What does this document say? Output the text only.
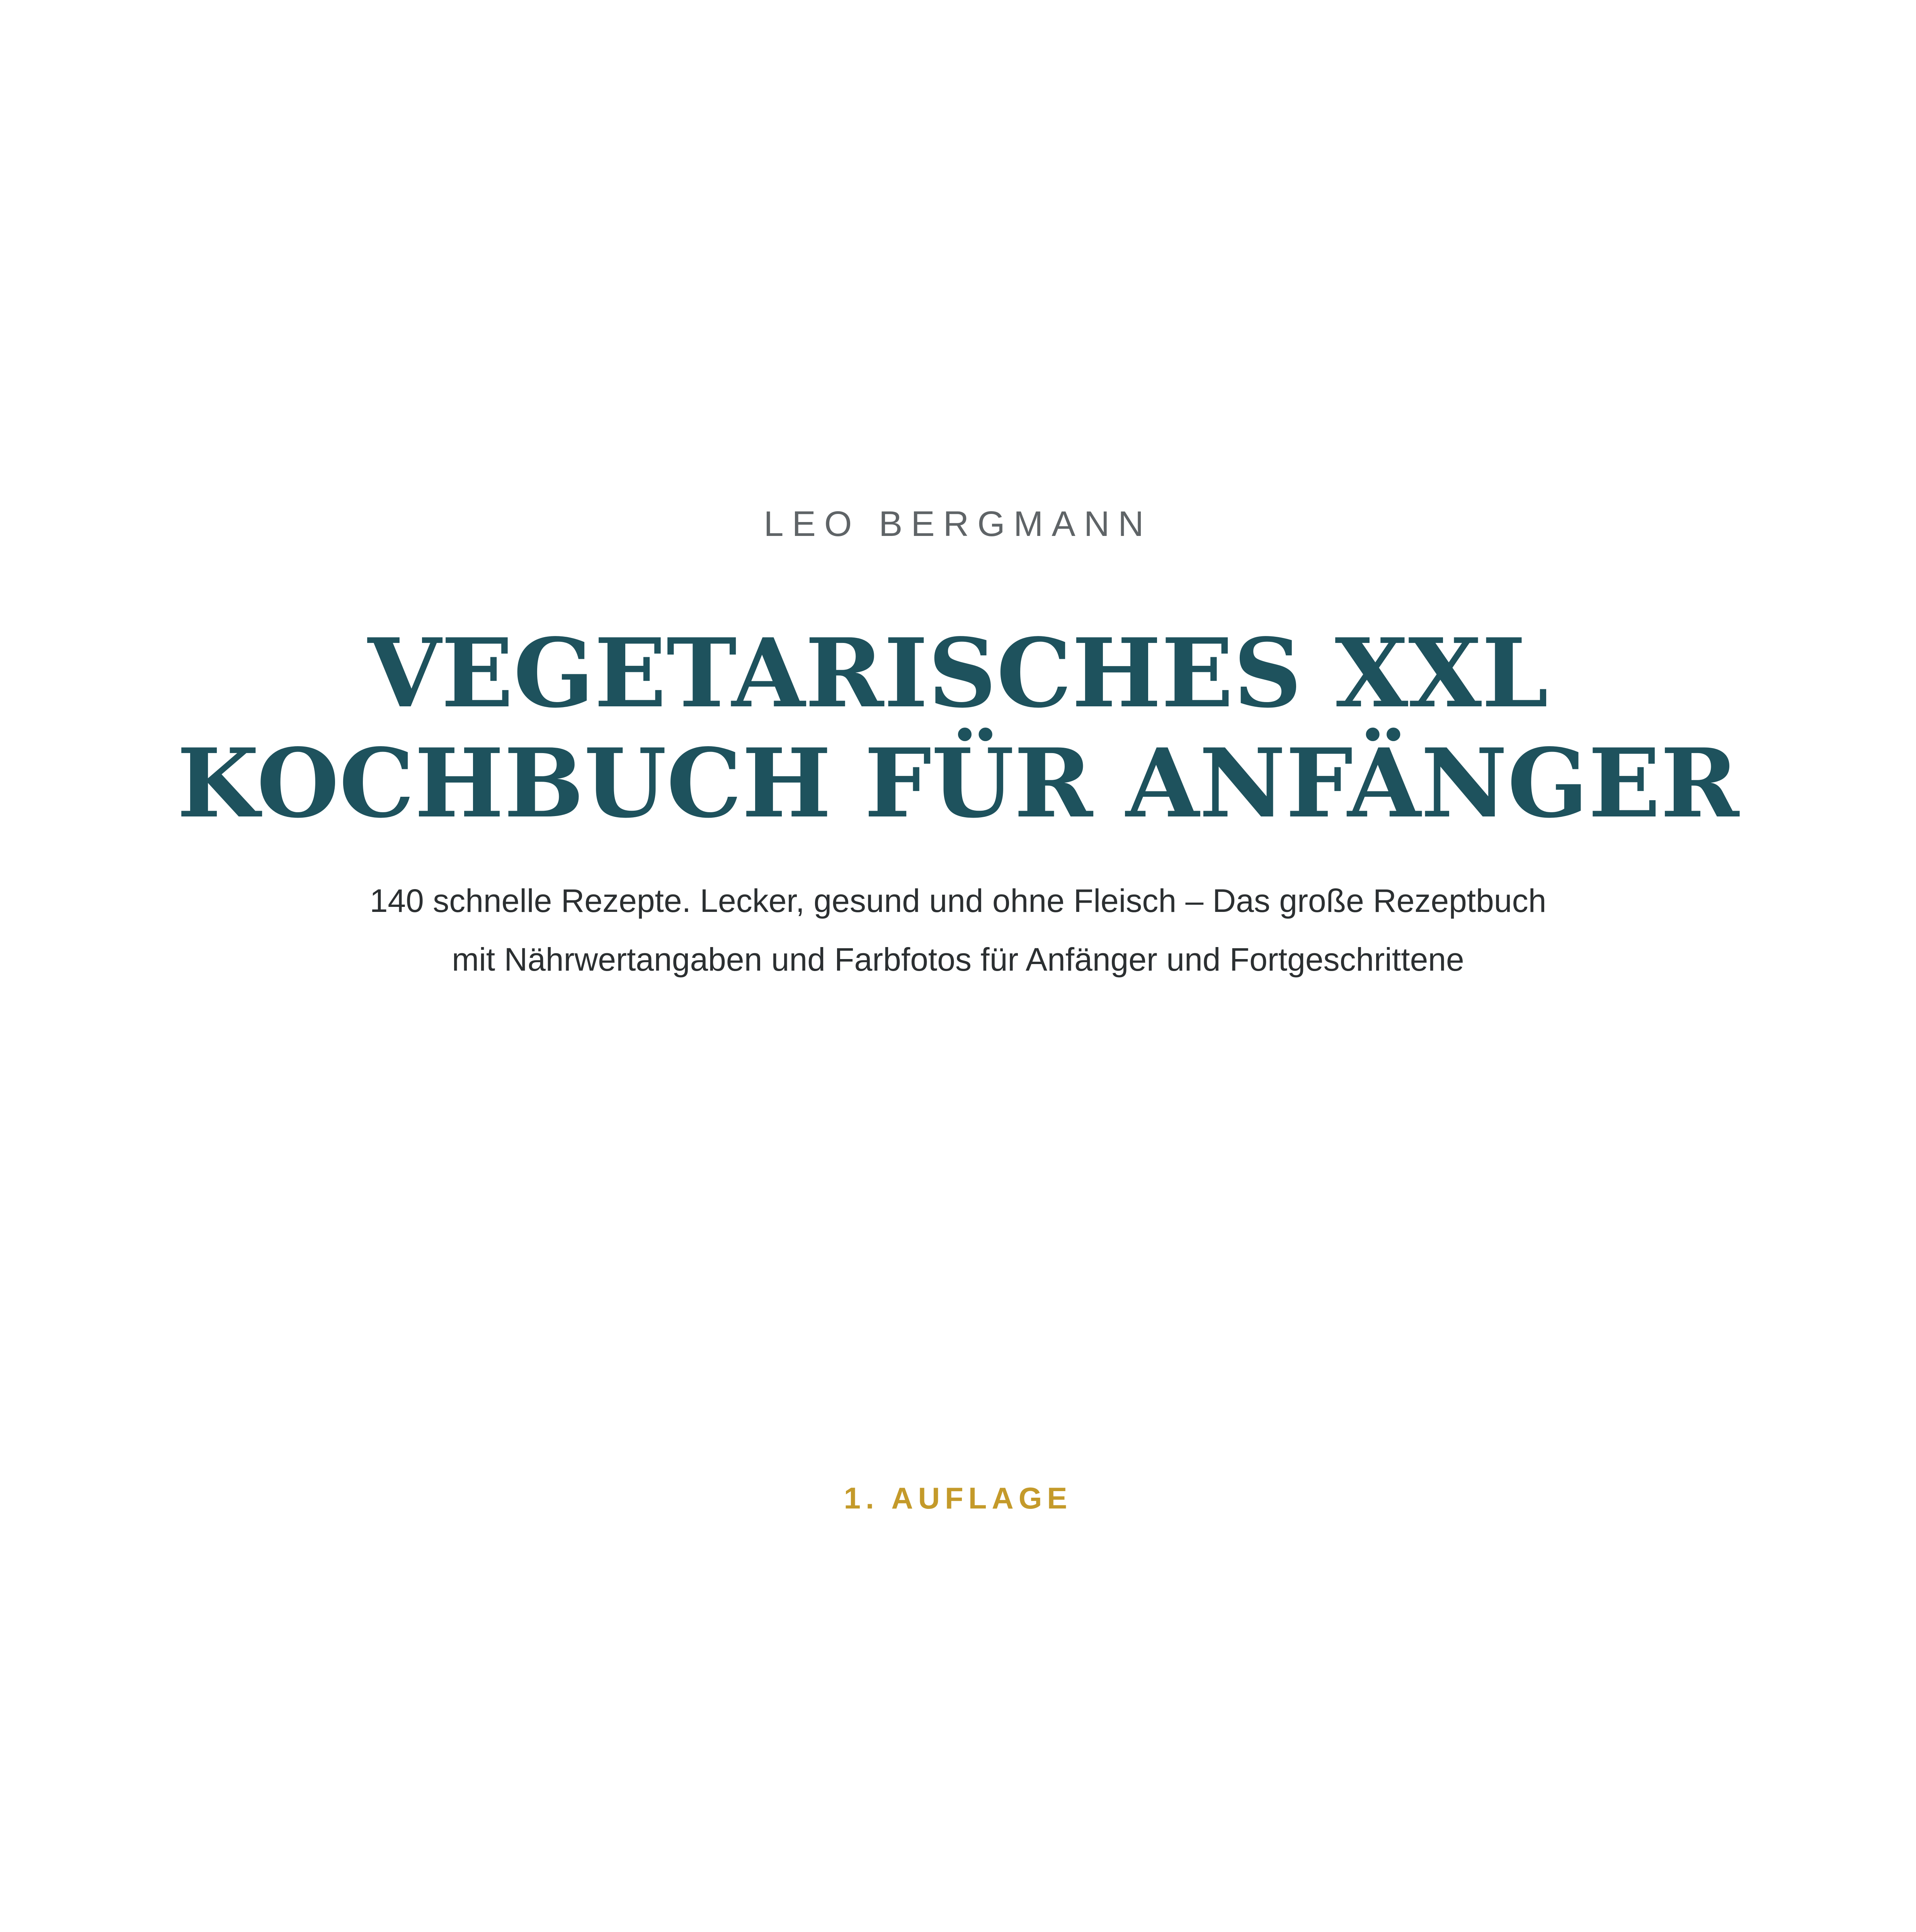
LEO BERGMANN
VEGETARISCHES XXL
KOCHBUCH FÜR ANFÄNGER
140 schnelle Rezepte. Lecker, gesund und ohne Fleisch – Das große Rezeptbuch
mit Nährwertangaben und Farbfotos für Anfänger und Fortgeschrittene
1. AUFLAGE
